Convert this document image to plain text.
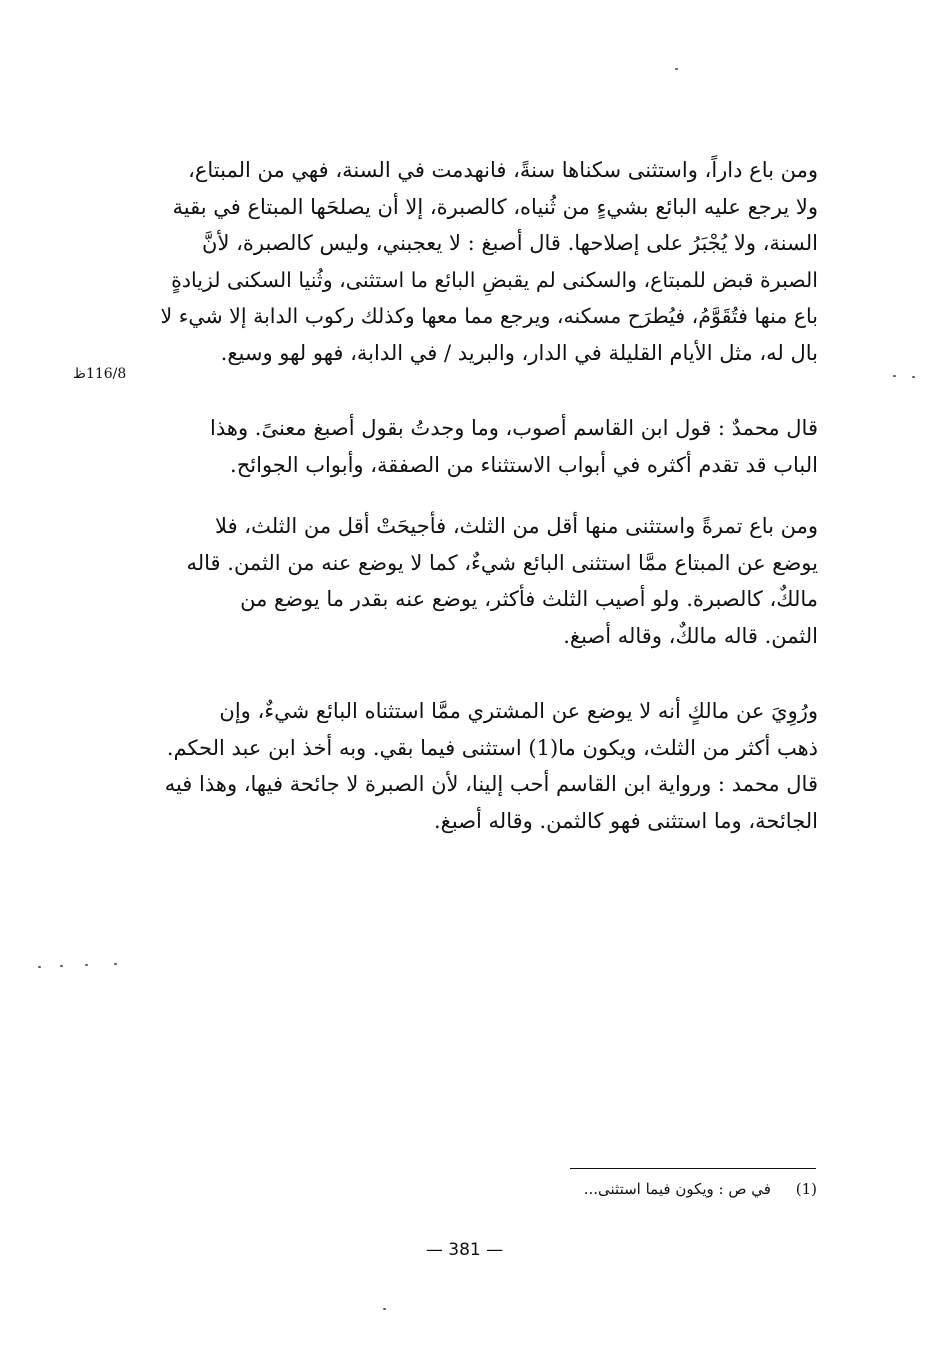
ومن باع داراً، واستثنى سكناها سنةً، فانهدمت في السنة، فهي من المبتاع،

ولا يرجع عليه البائع بشيءٍ من ثُنياه، كالصبرة، إلا أن يصلحَها المبتاع في بقية

السنة، ولا يُجْبَرُ على إصلاحها. قال أصبغ : لا يعجبني، وليس كالصبرة، لأنَّ

الصبرة قبض للمبتاع، والسكنى لم يقبضِ البائع ما استثنى، وثُنيا السكنى لزيادةٍ

باع منها فتُقَوَّمُ، فيُطرَح مسكنه، ويرجع مما معها وكذلك ركوب الدابة إلا شيء لا

بال له، مثل الأيام القليلة في الدار، والبريد / في الدابة، فهو لهو وسيع.

116/8ظ

قال محمدٌ : قول ابن القاسم أصوب، وما وجدتُ بقول أصبغ معنىً. وهذا

الباب قد تقدم أكثره في أبواب الاستثناء من الصفقة، وأبواب الجوائح.

ومن باع تمرةً واستثنى منها أقل من الثلث، فأجيحَتْ أقل من الثلث، فلا

يوضع عن المبتاع ممَّا استثنى البائع شيءٌ، كما لا يوضع عنه من الثمن. قاله

مالكٌ، كالصبرة. ولو أصيب الثلث فأكثر، يوضع عنه بقدر ما يوضع من

الثمن. قاله مالكٌ، وقاله أصبغ.

ورُوِيَ عن مالكٍ أنه لا يوضع عن المشتري ممَّا استثناه البائع شيءٌ، وإن

ذهب أكثر من الثلث، ويكون ما(1) استثنى فيما بقي. وبه أخذ ابن عبد الحكم.

قال محمد : ورواية ابن القاسم أحب إلينا، لأن الصبرة لا جائحة فيها، وهذا فيه

الجائحة، وما استثنى فهو كالثمن. وقاله أصبغ.

(1) في ص : ويكون فيما استثنى...
— 381 —
